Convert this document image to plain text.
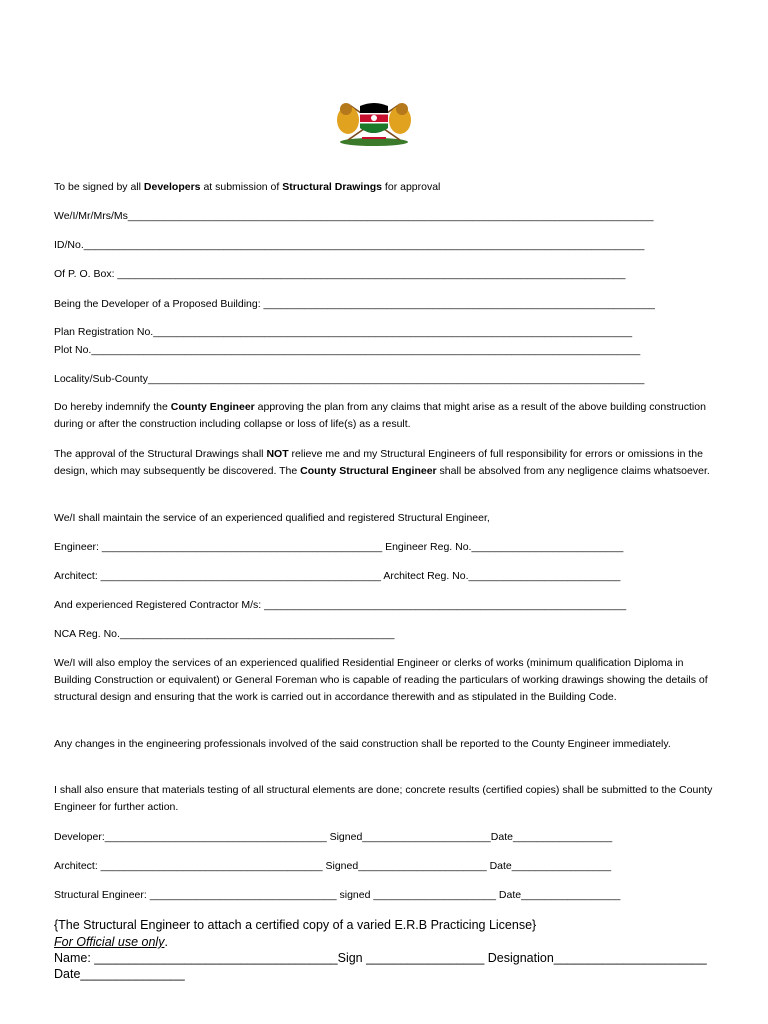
To be signed by all Developers at submission of Structural Drawings for approval
We/I/Mr/Mrs/Ms__________________________________________________________________________________________
ID/No.________________________________________________________________________________________________
Of P. O. Box: _______________________________________________________________________________________
Being the Developer of a Proposed Building: ___________________________________________________________________
Plan Registration No.__________________________________________________________________________________
Plot No.______________________________________________________________________________________________
Locality/Sub-County_____________________________________________________________________________________
Do hereby indemnify the County Engineer approving the plan from any claims that might arise as a result of the above building construction during or after the construction including collapse or loss of life(s) as a result.
The approval of the Structural Drawings shall NOT relieve me and my Structural Engineers of full responsibility for errors or omissions in the design, which may subsequently be discovered. The County Structural Engineer shall be absolved from any negligence claims whatsoever.
We/I shall maintain the service of an experienced qualified and registered Structural Engineer,
Engineer: ________________________________________________ Engineer Reg. No.__________________________
Architect: ________________________________________________ Architect Reg. No.__________________________
And experienced Registered Contractor M/s: ______________________________________________________________
NCA Reg. No._______________________________________________
We/I will also employ the services of an experienced qualified Residential Engineer or clerks of works (minimum qualification Diploma in Building Construction or equivalent) or General Foreman who is capable of reading the particulars of working drawings showing the details of structural design and ensuring that the work is carried out in accordance therewith and as stipulated in the Building Code.
Any changes in the engineering professionals involved of the said construction shall be reported to the County Engineer immediately.
I shall also ensure that materials testing of all structural elements are done; concrete results (certified copies) shall be submitted to the County Engineer for further action.
Developer:______________________________________ Signed______________________Date_________________
Architect: ______________________________________ Signed______________________ Date_________________
Structural Engineer: ________________________________ signed _____________________ Date_________________
{The Structural Engineer to attach a certified copy of a varied E.R.B Practicing License}
For Official use only.
Name: ___________________________________Sign _________________ Designation______________________
Date_______________
